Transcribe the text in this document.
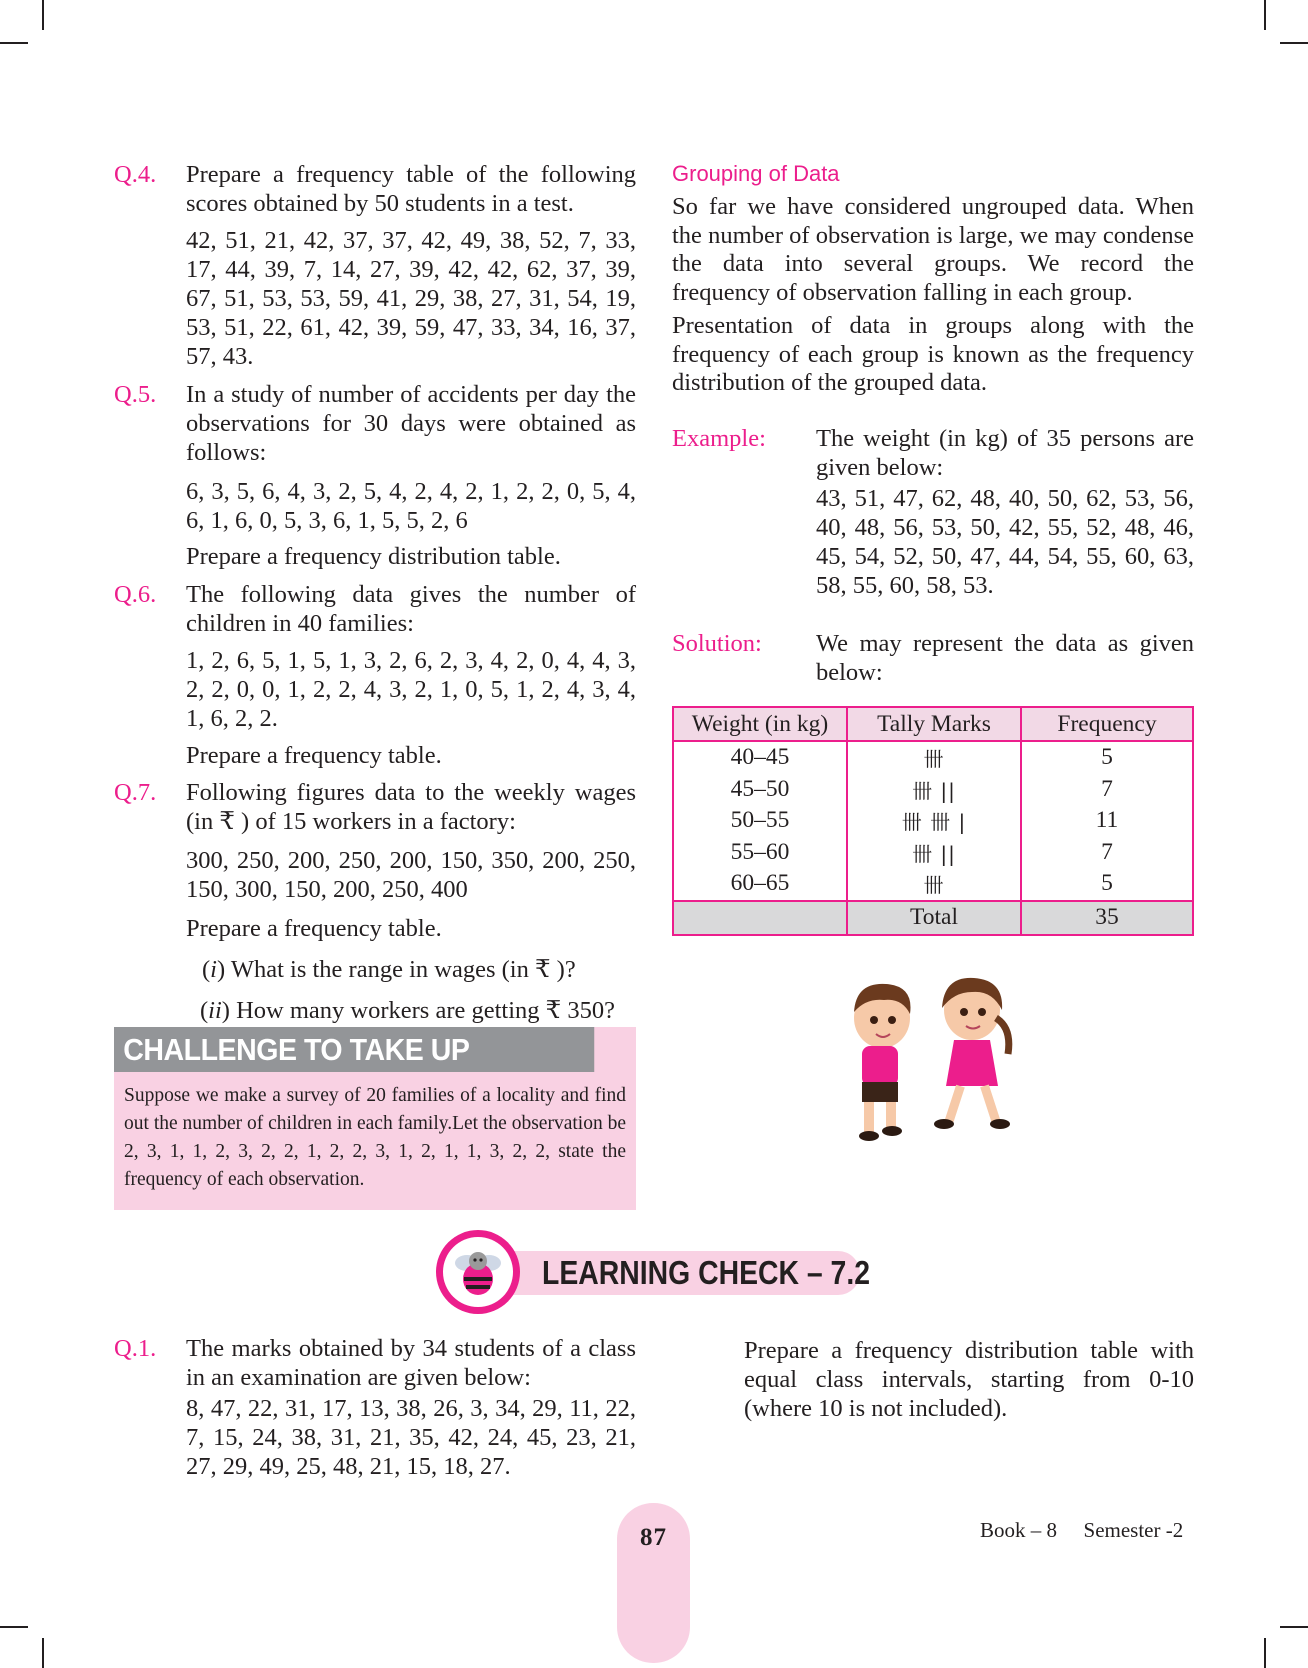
Q.4. Prepare a frequency table of the following scores obtained by 50 students in a test.
42, 51, 21, 42, 37, 37, 42, 49, 38, 52, 7, 33, 17, 44, 39, 7, 14, 27, 39, 42, 42, 62, 37, 39, 67, 51, 53, 53, 59, 41, 29, 38, 27, 31, 54, 19, 53, 51, 22, 61, 42, 39, 59, 47, 33, 34, 16, 37, 57, 43.
Q.5. In a study of number of accidents per day the observations for 30 days were obtained as follows:
6, 3, 5, 6, 4, 3, 2, 5, 4, 2, 4, 2, 1, 2, 2, 0, 5, 4, 6, 1, 6, 0, 5, 3, 6, 1, 5, 5, 2, 6
Prepare a frequency distribution table.
Q.6. The following data gives the number of children in 40 families:
1, 2, 6, 5, 1, 5, 1, 3, 2, 6, 2, 3, 4, 2, 0, 4, 4, 3, 2, 2, 0, 0, 1, 2, 2, 4, 3, 2, 1, 0, 5, 1, 2, 4, 3, 4, 1, 6, 2, 2.
Prepare a frequency table.
Q.7. Following figures data to the weekly wages (in ₹ ) of 15 workers in a factory:
300, 250, 200, 250, 200, 150, 350, 200, 250, 150, 300, 150, 200, 250, 400
Prepare a frequency table.
(i) What is the range in wages (in ₹ )?
(ii) How many workers are getting ₹ 350?
CHALLENGE TO TAKE UP
Suppose we make a survey of 20 families of a locality and find out the number of children in each family.Let the observation be 2, 3, 1, 1, 2, 3, 2, 2, 1, 2, 2, 3, 1, 2, 1, 1, 3, 2, 2, state the frequency of each observation.
Grouping of Data
So far we have considered ungrouped data. When the number of observation is large, we may condense the data into several groups. We record the frequency of observation falling in each group.
Presentation of data in groups along with the frequency of each group is known as the frequency distribution of the grouped data.
Example: The weight (in kg) of 35 persons are given below:
43, 51, 47, 62, 48, 40, 50, 62, 53, 56, 40, 48, 56, 53, 50, 42, 55, 52, 48, 46, 45, 54, 52, 50, 47, 44, 54, 55, 60, 63, 58, 55, 60, 58, 53.
Solution: We may represent the data as given below:
Weight (in kg)	Tally Marks	Frequency
40–45	卌	5
45–50	卌 ||	7
50–55	卌 卌 |	11
55–60	卌 ||	7
60–65	卌	5
	Total	35
LEARNING CHECK – 7.2
Q.1. The marks obtained by 34 students of a class in an examination are given below:
8, 47, 22, 31, 17, 13, 38, 26, 3, 34, 29, 11, 22, 7, 15, 24, 38, 31, 21, 35, 42, 24, 45, 23, 21, 27, 29, 49, 25, 48, 21, 15, 18, 27.
Prepare a frequency distribution table with equal class intervals, starting from 0-10 (where 10 is not included).
87	Book – 8 Semester -2
